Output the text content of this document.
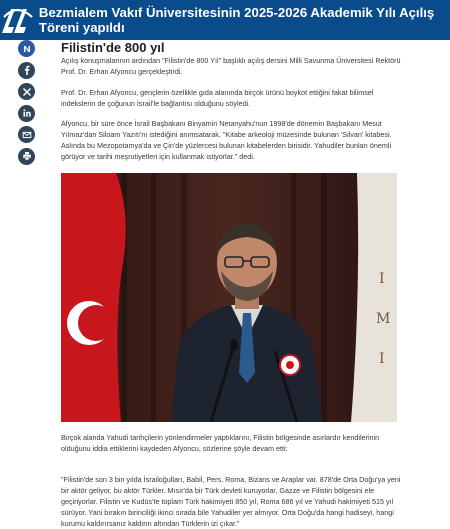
Bezmialem Vakıf Üniversitesinin 2025-2026 Akademik Yılı Açılış Töreni yapıldı
Filistin'de 800 yıl

Açılış konuşmalarının ardından "Filistin'de 800 Yıl" başlıklı açılış dersini Milli Savunma Üniversitesi Rektörü Prof. Dr. Erhan Afyoncu gerçekleştirdi.

Prof. Dr. Erhan Afyoncu, gençlerin özellikle gıda alanında birçok ürünü boykot ettiğini fakat bilimsel indekslerin de çoğunun İsrail'le bağlantısı olduğunu söyledi.

Afyoncu, bir süre önce İsrail Başbakanı Binyamin Netanyahu'nun 1998'de dönemin Başbakanı Mesut Yılmaz'dan Siloam Yazıtı'nı istediğini anımsatarak, "Kitabe arkeoloji müzesinde bulunan 'Silvan' kitabesi. Aslında bu Mezopotamya'da ve Çin'de yüzlercesi bulunan kitabelerden birisidir. Yahudiler bunları önemli görüyor ve tarihi meşrutiyetleri için kullanmak istiyorlar." dedi.

I
M
I

Birçok alanda Yahudi tarihçilerin yönlendirmeler yaptıklarını, Filistin bölgesinde asırlardır kendilerinin olduğunu iddia ettiklerini kaydeden Afyoncu, sözlerine şöyle devam etti:

"Filistin'de son 3 bin yılda İsrailoğulları, Babil, Pers, Roma, Bizans ve Araplar var. 878'de Orta Doğu'ya yeni bir aktör geliyor, bu aktör Türkler. Mısır'da bir Türk devleti kuruyorlar, Gazze ve Filistin bölgesini ele geçiriyorlar. Filistin ve Kudüs'te toplam Türk hakimiyeti 850 yıl, Roma 686 yıl ve Yahudi hakimiyeti 515 yıl sürüyor. Yani bırakın birinciliği ikinci sırada bile Yahudiler yer almıyor. Orta Doğu'da hangi hadiseyi, hangi kurumu kaldırırsanız kaldırın altından Türklerin izi çıkar."
